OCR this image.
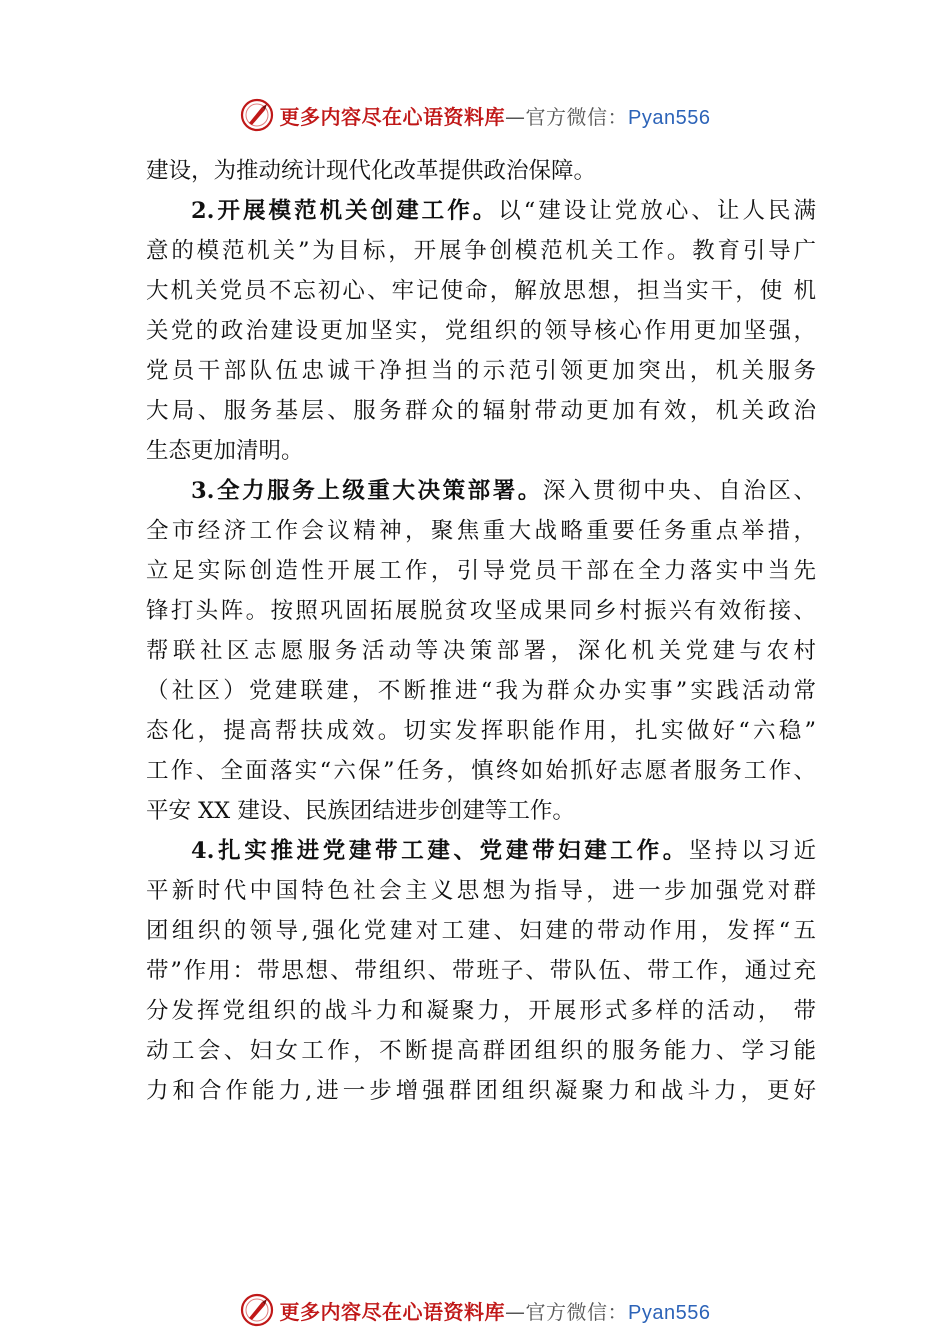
更多内容尽在心语资料库—官方微信：Pyan556
建设，为推动统计现代化改革提供政治保障。
2.开展模范机关创建工作。以“建设让党放心、让人民满
意的模范机关”为目标，开展争创模范机关工作。教育引导广
大机关党员不忘初心、牢记使命，解放思想，担当实干，使 机
关党的政治建设更加坚实，党组织的领导核心作用更加坚强，
党员干部队伍忠诚干净担当的示范引领更加突出，机关服务
大局、服务基层、服务群众的辐射带动更加有效，机关政治
生态更加清明。
3.全力服务上级重大决策部署。深入贯彻中央、自治区、
全市经济工作会议精神，聚焦重大战略重要任务重点举措，
立足实际创造性开展工作，引导党员干部在全力落实中当先
锋打头阵。按照巩固拓展脱贫攻坚成果同乡村振兴有效衔接、
帮联社区志愿服务活动等决策部署，深化机关党建与农村
（社区）党建联建，不断推进“我为群众办实事”实践活动常
态化，提高帮扶成效。切实发挥职能作用，扎实做好“六稳”
工作、全面落实“六保”任务，慎终如始抓好志愿者服务工作、
平安 XX 建设、民族团结进步创建等工作。
4.扎实推进党建带工建、党建带妇建工作。坚持以习近
平新时代中国特色社会主义思想为指导，进一步加强党对群
团组织的领导,强化党建对工建、妇建的带动作用，发挥“五
带”作用：带思想、带组织、带班子、带队伍、带工作，通过充
分发挥党组织的战斗力和凝聚力，开展形式多样的活动， 带
动工会、妇女工作，不断提高群团组织的服务能力、学习能
力和合作能力,进一步增强群团组织凝聚力和战斗力，更好
更多内容尽在心语资料库—官方微信：Pyan556
